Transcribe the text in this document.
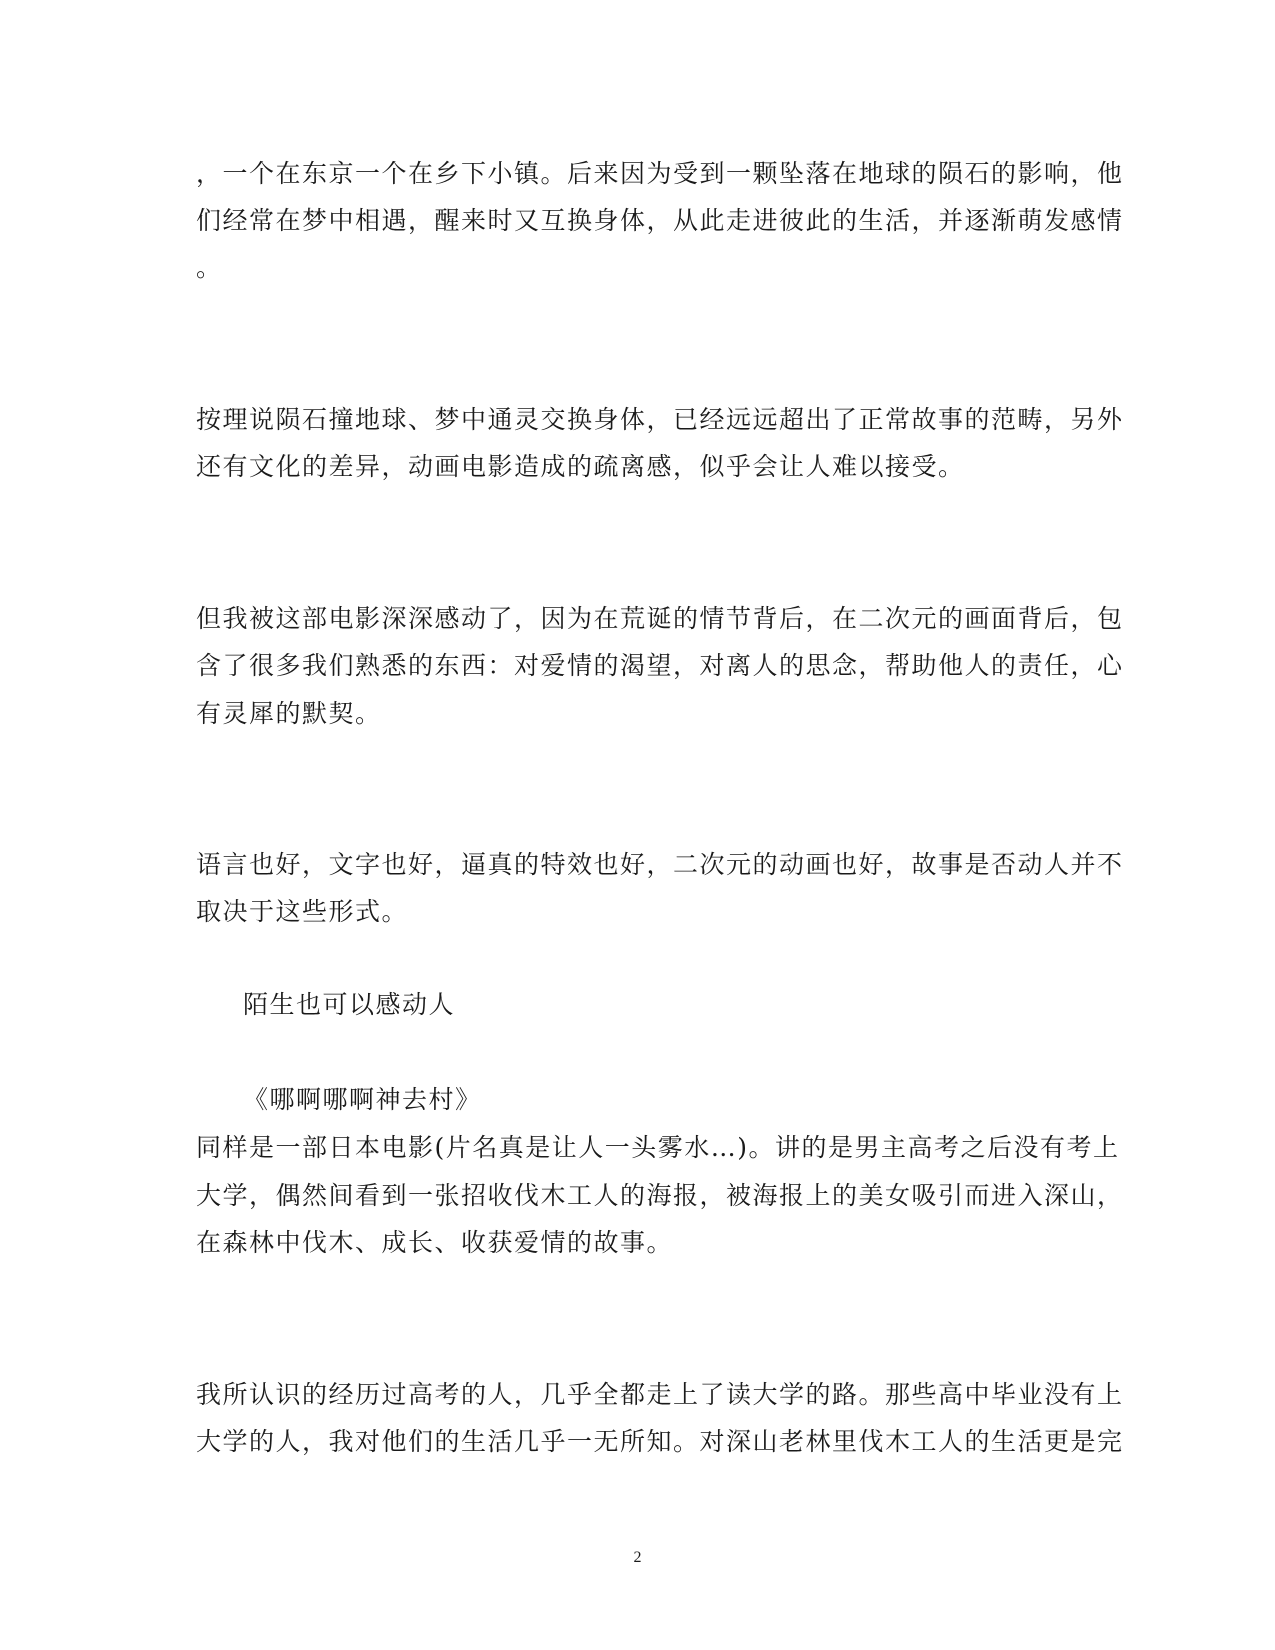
，一个在东京一个在乡下小镇。后来因为受到一颗坠落在地球的陨石的影响，他
们经常在梦中相遇，醒来时又互换身体，从此走进彼此的生活，并逐渐萌发感情
。
按理说陨石撞地球、梦中通灵交换身体，已经远远超出了正常故事的范畴，另外
还有文化的差异，动画电影造成的疏离感，似乎会让人难以接受。
但我被这部电影深深感动了，因为在荒诞的情节背后，在二次元的画面背后，包
含了很多我们熟悉的东西：对爱情的渴望，对离人的思念，帮助他人的责任，心
有灵犀的默契。
语言也好，文字也好，逼真的特效也好，二次元的动画也好，故事是否动人并不
取决于这些形式。
陌生也可以感动人
《哪啊哪啊神去村》
同样是一部日本电影(片名真是让人一头雾水…)。讲的是男主高考之后没有考上
大学，偶然间看到一张招收伐木工人的海报，被海报上的美女吸引而进入深山，
在森林中伐木、成长、收获爱情的故事。
我所认识的经历过高考的人，几乎全都走上了读大学的路。那些高中毕业没有上
大学的人，我对他们的生活几乎一无所知。对深山老林里伐木工人的生活更是完
2
